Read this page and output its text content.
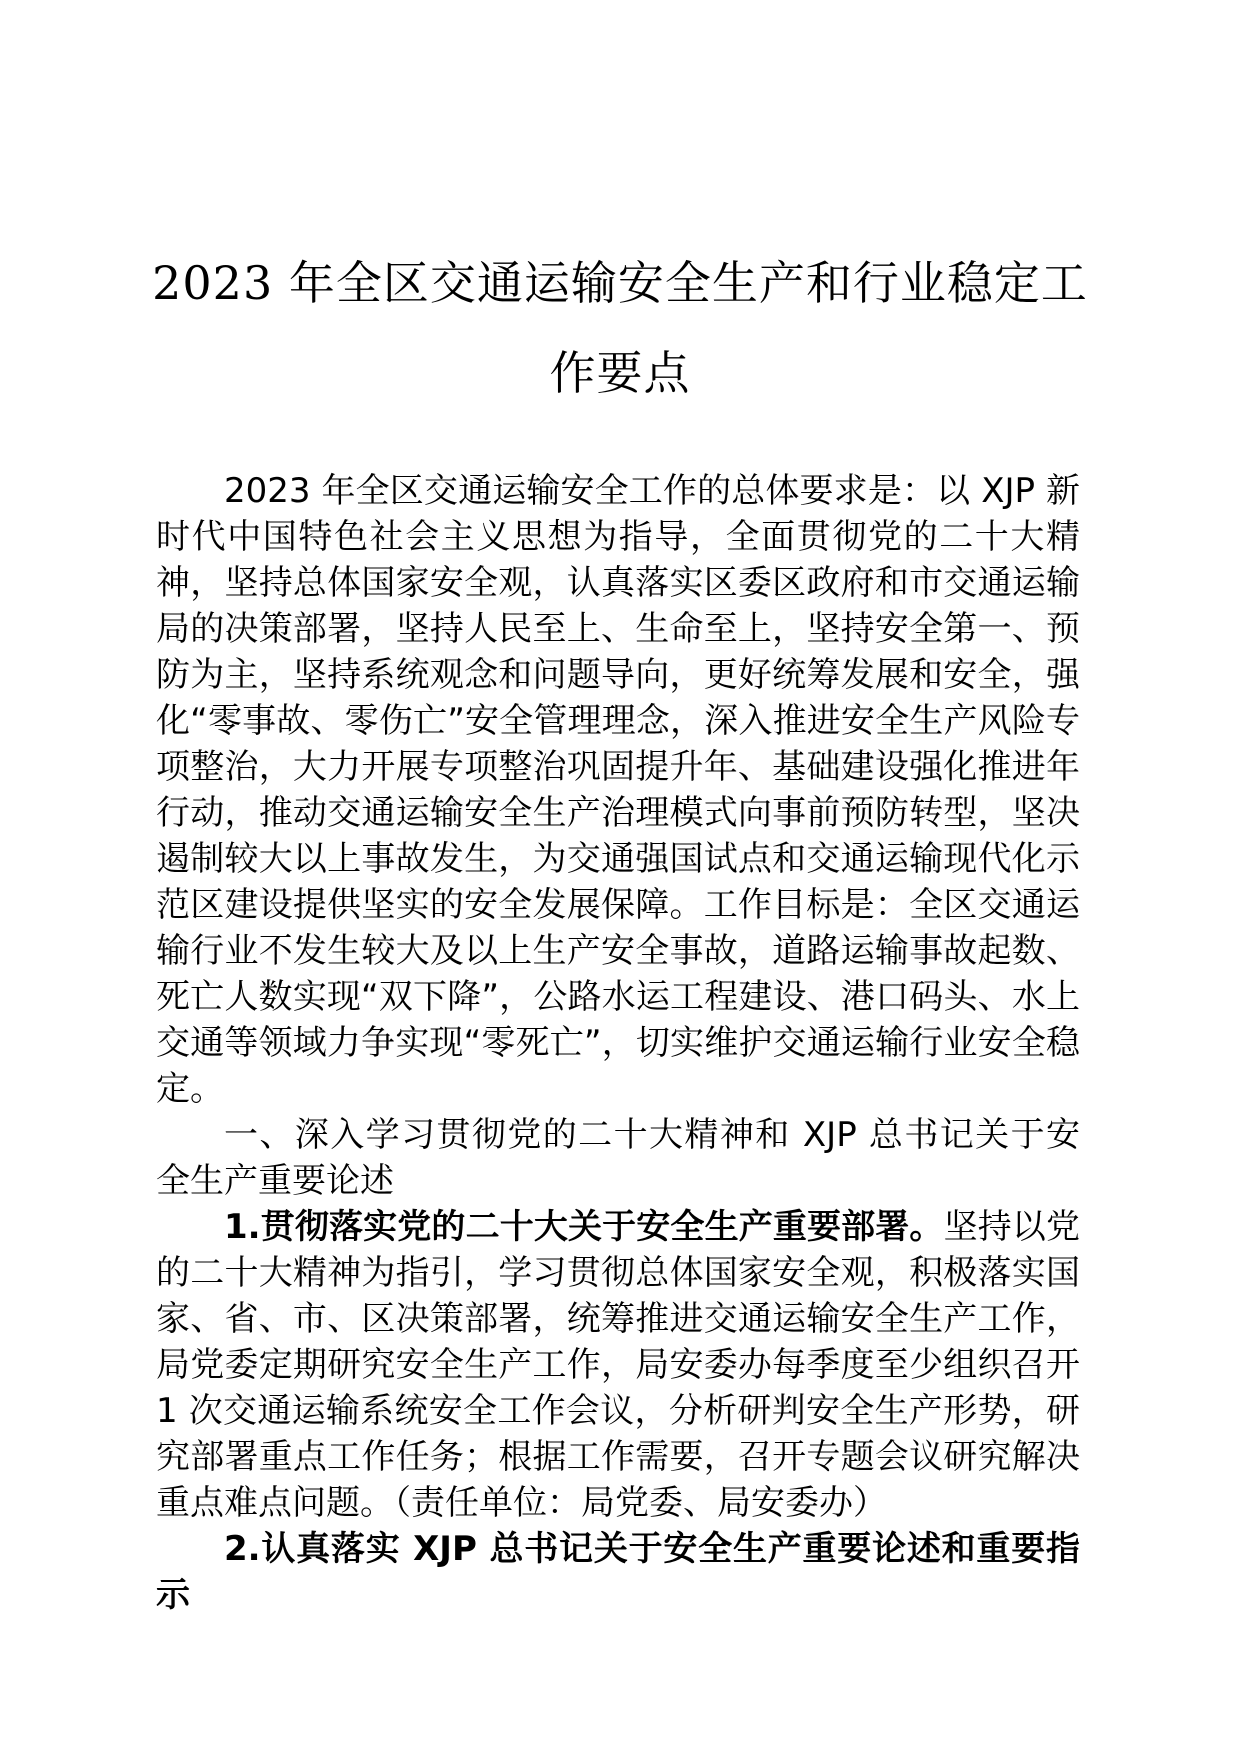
2023 年全区交通运输安全生产和行业稳定工作要点

2023 年全区交通运输安全工作的总体要求是：以 XJP 新时代中国特色社会主义思想为指导，全面贯彻党的二十大精神，坚持总体国家安全观，认真落实区委区政府和市交通运输局的决策部署，坚持人民至上、生命至上，坚持安全第一、预防为主，坚持系统观念和问题导向，更好统筹发展和安全，强化“零事故、零伤亡”安全管理理念，深入推进安全生产风险专项整治，大力开展专项整治巩固提升年、基础建设强化推进年行动，推动交通运输安全生产治理模式向事前预防转型，坚决遏制较大以上事故发生，为交通强国试点和交通运输现代化示范区建设提供坚实的安全发展保障。工作目标是：全区交通运输行业不发生较大及以上生产安全事故，道路运输事故起数、死亡人数实现“双下降”，公路水运工程建设、港口码头、水上交通等领域力争实现“零死亡”，切实维护交通运输行业安全稳定。

一、深入学习贯彻党的二十大精神和 XJP 总书记关于安全生产重要论述

1.贯彻落实党的二十大关于安全生产重要部署。坚持以党的二十大精神为指引，学习贯彻总体国家安全观，积极落实国家、省、市、区决策部署，统筹推进交通运输安全生产工作，局党委定期研究安全生产工作，局安委办每季度至少组织召开 1 次交通运输系统安全工作会议，分析研判安全生产形势，研究部署重点工作任务；根据工作需要，召开专题会议研究解决重点难点问题。（责任单位：局党委、局安委办）

2.认真落实 XJP 总书记关于安全生产重要论述和重要指示
